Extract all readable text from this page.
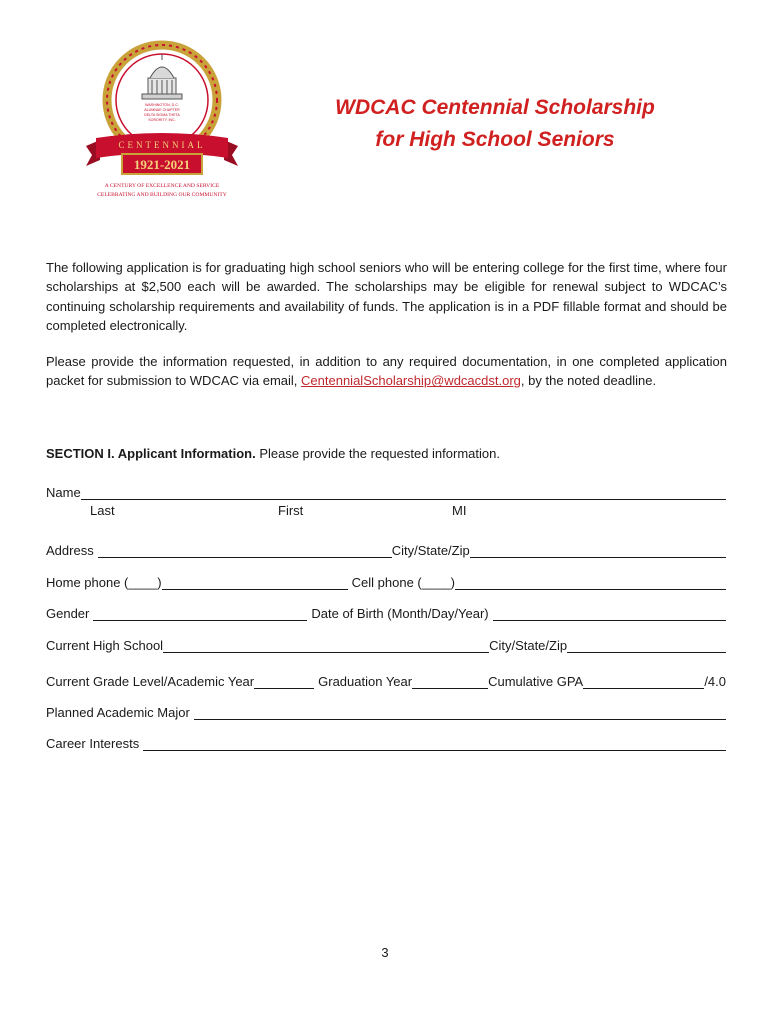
WASHINGTON, D.C.
ALUMNAE CHAPTER
DELTA SIGMA THETA
SORORITY, INC.
CENTENNIAL
1921-2021
A CENTURY OF EXCELLENCE AND SERVICE
CELEBRATING AND BUILDING OUR COMMUNITY
WDCAC Centennial Scholarship
for High School Seniors

The following application is for graduating high school seniors who will be entering college for the first time, where four scholarships at $2,500 each will be awarded. The scholarships may be eligible for renewal subject to WDCAC’s continuing scholarship requirements and availability of funds. The application is in a PDF fillable format and should be completed electronically.

Please provide the information requested, in addition to any required documentation, in one completed application packet for submission to WDCAC via email, CentennialScholarship@wdcacdst.org, by the noted deadline.

SECTION I. Applicant Information. Please provide the requested information.
Name
Last	First	MI
Address	City/State/Zip
Home phone (____)	Cell phone (____)
Gender	Date of Birth (Month/Day/Year)
Current High School	City/State/Zip
Current Grade Level/Academic Year	Graduation Year	Cumulative GPA	/4.0
Planned Academic Major
Career Interests
3
